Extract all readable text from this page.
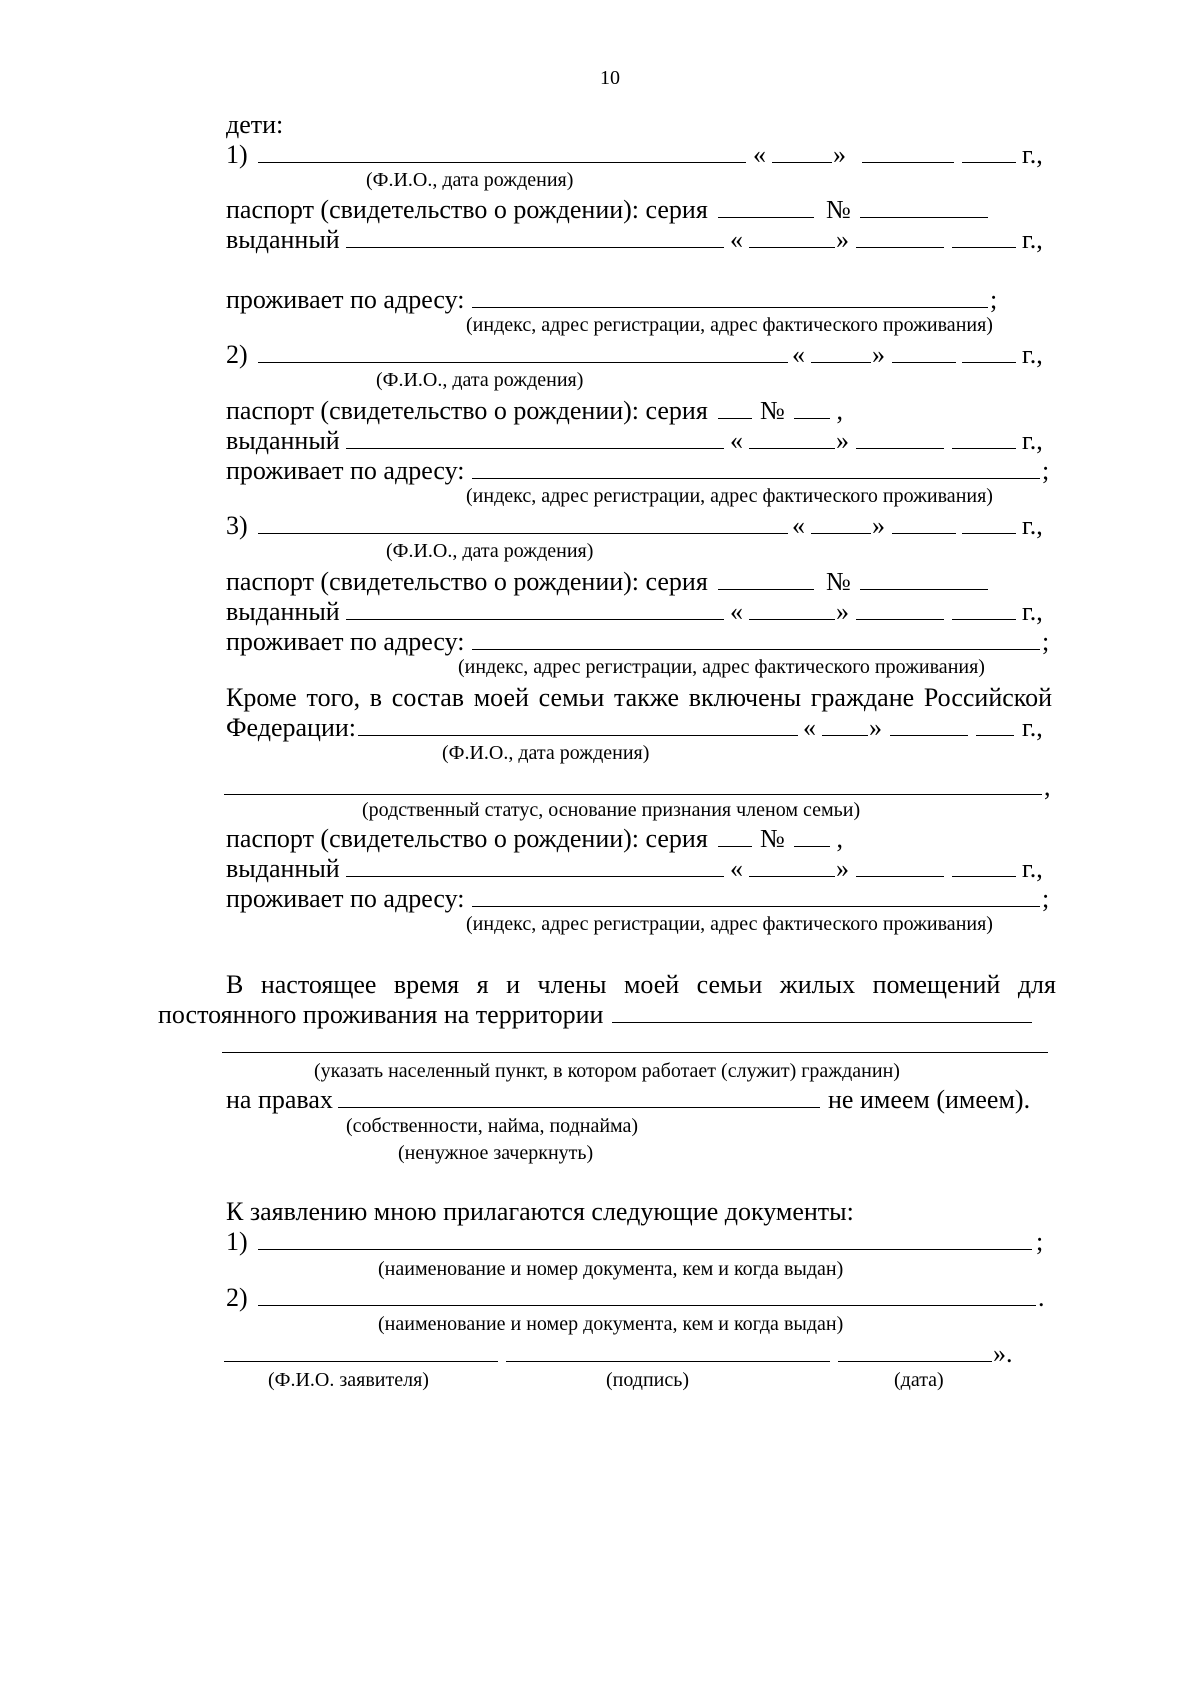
10
дети:
1)	«	»	г.,
(Ф.И.О., дата рождения)
паспорт (свидетельство о рождении): серия	№
выданный	«	»	г.,
проживает по адресу:	;
(индекс, адрес регистрации, адрес фактического проживания)
2)	«	»	г.,
(Ф.И.О., дата рождения)
паспорт (свидетельство о рождении): серия № ,
выданный	«	»	г.,
проживает по адресу:	;
(индекс, адрес регистрации, адрес фактического проживания)
3)	«	»	г.,
(Ф.И.О., дата рождения)
паспорт (свидетельство о рождении): серия	№
выданный	«	»	г.,
проживает по адресу:	;
(индекс, адрес регистрации, адрес фактического проживания)
Кроме того, в состав моей семьи также включены граждане Российской
Федерации:	« »	г.,
(Ф.И.О., дата рождения)
,
(родственный статус, основание признания членом семьи)
паспорт (свидетельство о рождении): серия № ,
выданный	«	»	г.,
проживает по адресу:	;
(индекс, адрес регистрации, адрес фактического проживания)
В настоящее время я и члены моей семьи жилых помещений для
постоянного проживания на территории
(указать населенный пункт, в котором работает (служит) гражданин)
на правах	не имеем (имеем).
(собственности, найма, поднайма)
(ненужное зачеркнуть)
К заявлению мною прилагаются следующие документы:
1)	;
(наименование и номер документа, кем и когда выдан)
2)	.
(наименование и номер документа, кем и когда выдан)
».
(Ф.И.О. заявителя)	(подпись)	(дата)
